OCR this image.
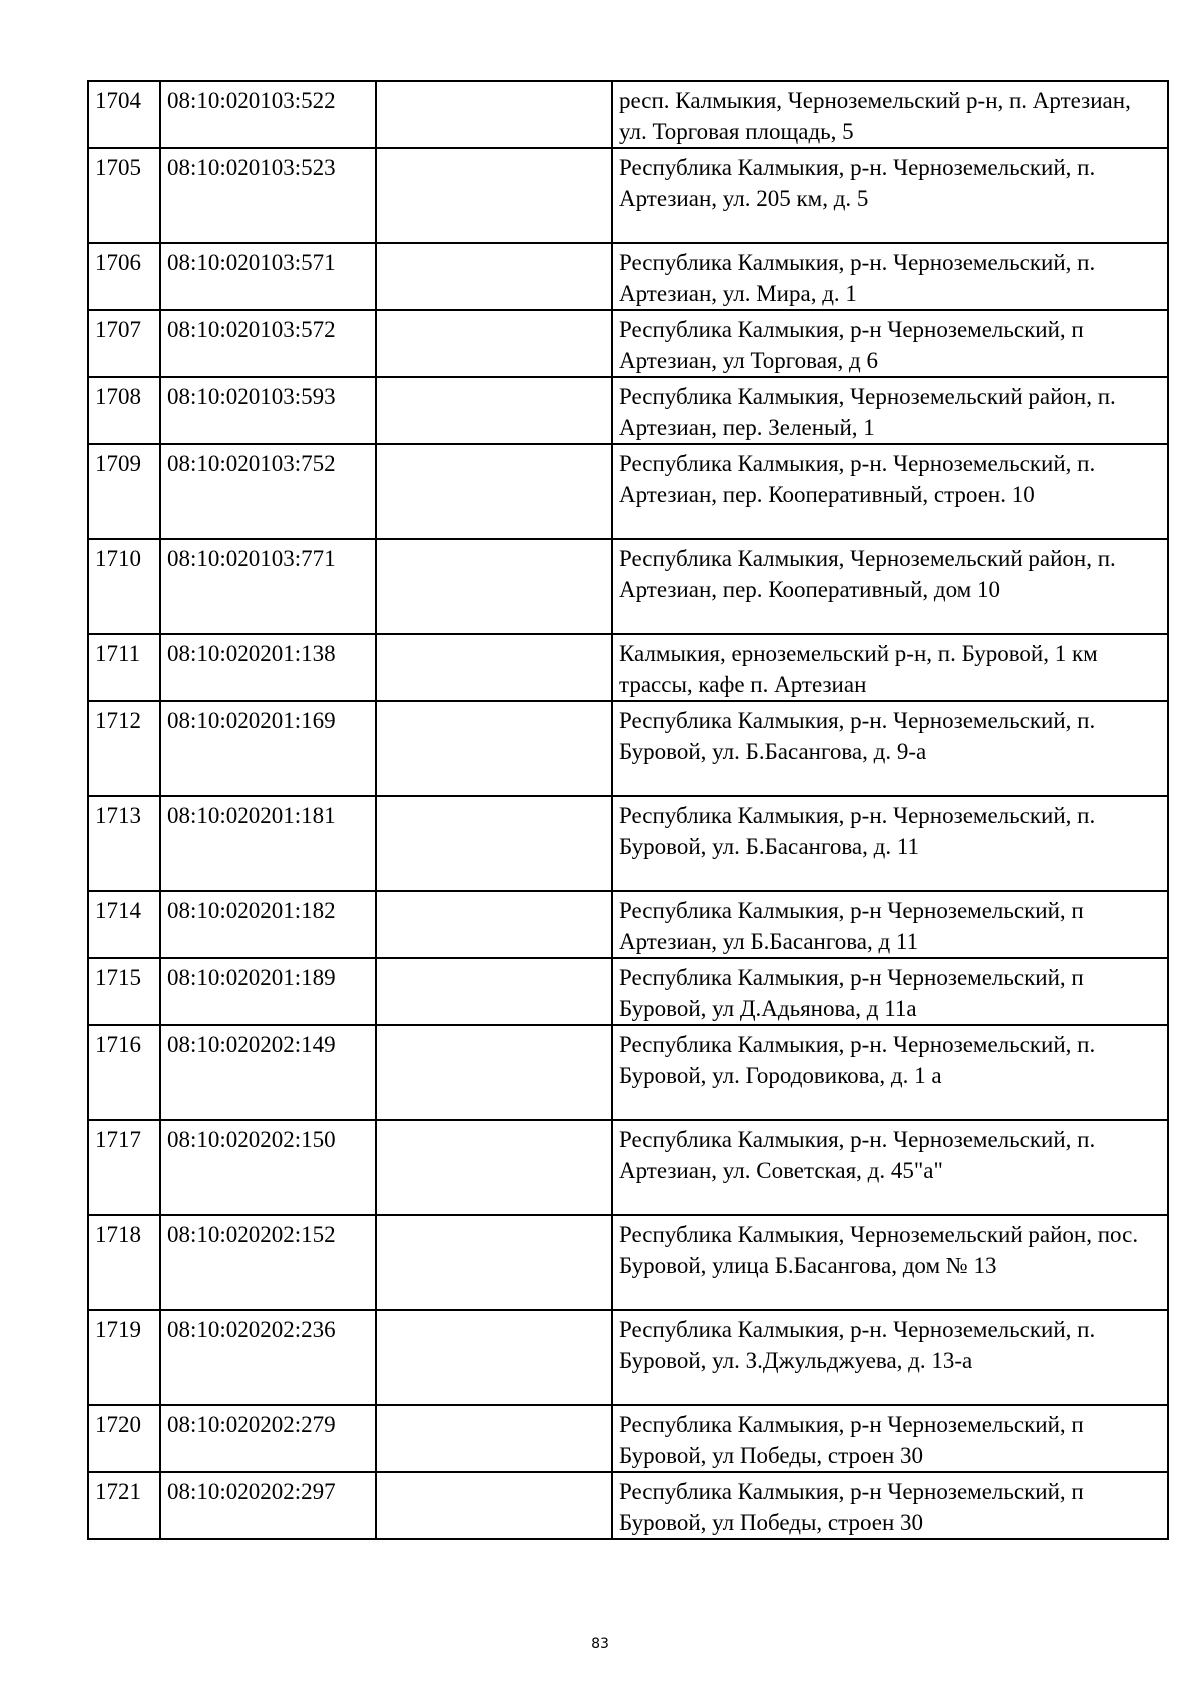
1704	08:10:020103:522		респ. Калмыкия, Черноземельский р-н, п. Артезиан, ул. Торговая площадь, 5
1705	08:10:020103:523		Республика Калмыкия, р-н. Черноземельский, п. Артезиан, ул. 205 км, д. 5
1706	08:10:020103:571		Республика Калмыкия, р-н. Черноземельский, п. Артезиан, ул. Мира, д. 1
1707	08:10:020103:572		Республика Калмыкия, р-н Черноземельский, п Артезиан, ул Торговая, д 6
1708	08:10:020103:593		Республика Калмыкия, Черноземельский район, п. Артезиан, пер. Зеленый, 1
1709	08:10:020103:752		Республика Калмыкия, р-н. Черноземельский, п. Артезиан, пер. Кооперативный, строен. 10
1710	08:10:020103:771		Республика Калмыкия, Черноземельский район, п. Артезиан, пер. Кооперативный, дом 10
1711	08:10:020201:138		Калмыкия, ерноземельский р-н, п. Буровой, 1 км трассы, кафе п. Артезиан
1712	08:10:020201:169		Республика Калмыкия, р-н. Черноземельский, п. Буровой, ул. Б.Басангова, д. 9-а
1713	08:10:020201:181		Республика Калмыкия, р-н. Черноземельский, п. Буровой, ул. Б.Басангова, д. 11
1714	08:10:020201:182		Республика Калмыкия, р-н Черноземельский, п Артезиан, ул Б.Басангова, д 11
1715	08:10:020201:189		Республика Калмыкия, р-н Черноземельский, п Буровой, ул Д.Адьянова, д 11а
1716	08:10:020202:149		Республика Калмыкия, р-н. Черноземельский, п. Буровой, ул. Городовикова, д. 1 а
1717	08:10:020202:150		Республика Калмыкия, р-н. Черноземельский, п. Артезиан, ул. Советская, д. 45"а"
1718	08:10:020202:152		Республика Калмыкия, Черноземельский район, пос. Буровой, улица Б.Басангова, дом № 13
1719	08:10:020202:236		Республика Калмыкия, р-н. Черноземельский, п. Буровой, ул. З.Джульджуева, д. 13-а
1720	08:10:020202:279		Республика Калмыкия, р-н Черноземельский, п Буровой, ул Победы, строен 30
1721	08:10:020202:297		Республика Калмыкия, р-н Черноземельский, п Буровой, ул Победы, строен 30
83
